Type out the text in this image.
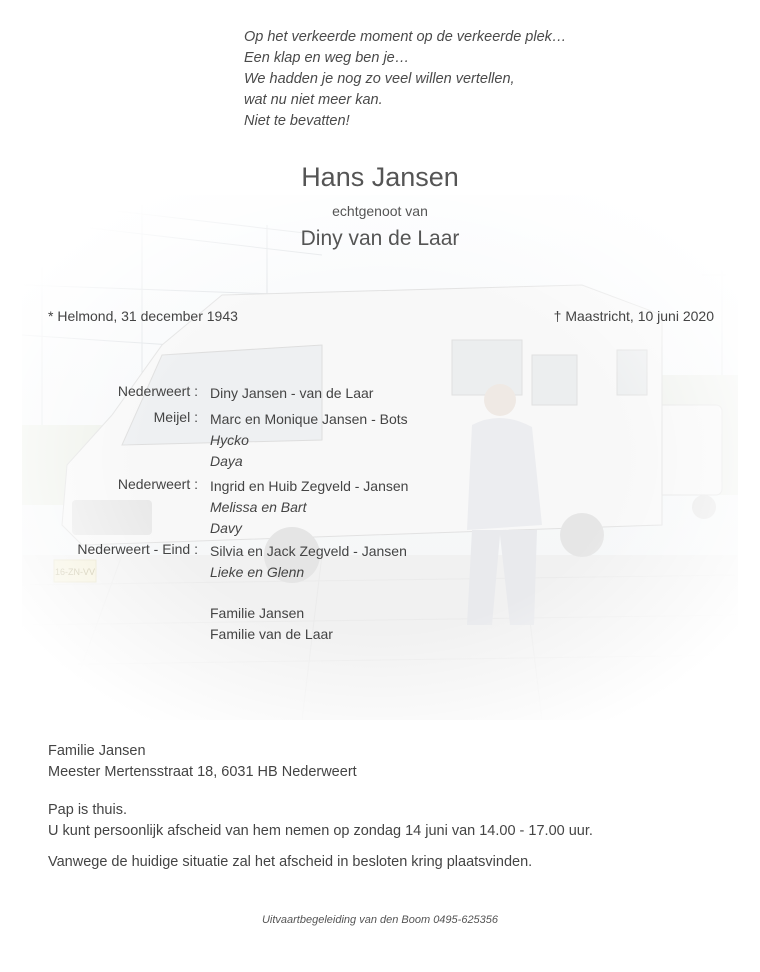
Op het verkeerde moment op de verkeerde plek…
Een klap en weg ben je…
We hadden je nog zo veel willen vertellen,
wat nu niet meer kan.
Niet te bevatten!
Hans Jansen
echtgenoot van
Diny van de Laar
* Helmond, 31 december 1943	† Maastricht, 10 juni 2020
Nederweert : Diny Jansen - van de Laar
Meijel : Marc en Monique Jansen - Bots
Hycko
Daya
Nederweert : Ingrid en Huib Zegveld - Jansen
Melissa en Bart
Davy
Nederweert - Eind : Silvia en Jack Zegveld - Jansen
Lieke en Glenn
Familie Jansen
Familie van de Laar
Familie Jansen
Meester Mertensstraat 18, 6031 HB Nederweert
Pap is thuis.
U kunt persoonlijk afscheid van hem nemen op zondag 14 juni van 14.00 - 17.00 uur.
Vanwege de huidige situatie zal het afscheid in besloten kring plaatsvinden.
Uitvaartbegeleiding van den Boom 0495-625356
